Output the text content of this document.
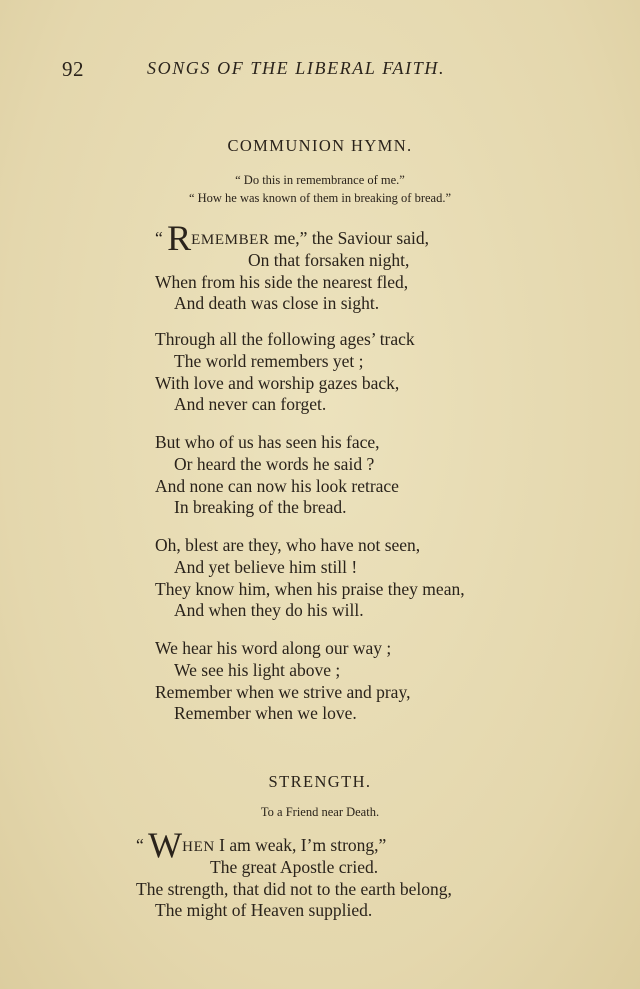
92	SONGS OF THE LIBERAL FAITH.
COMMUNION HYMN.
“ Do this in remembrance of me.”
“ How he was known of them in breaking of bread.”
“ REMEMBER me,” the Saviour said,
On that forsaken night,
When from his side the nearest fled,
And death was close in sight.
Through all the following ages’ track
The world remembers yet ;
With love and worship gazes back,
And never can forget.
But who of us has seen his face,
Or heard the words he said ?
And none can now his look retrace
In breaking of the bread.
Oh, blest are they, who have not seen,
And yet believe him still !
They know him, when his praise they mean,
And when they do his will.
We hear his word along our way ;
We see his light above ;
Remember when we strive and pray,
Remember when we love.
STRENGTH.
To a Friend near Death.
“ WHEN I am weak, I’m strong,”
The great Apostle cried.
The strength, that did not to the earth belong,
The might of Heaven supplied.
